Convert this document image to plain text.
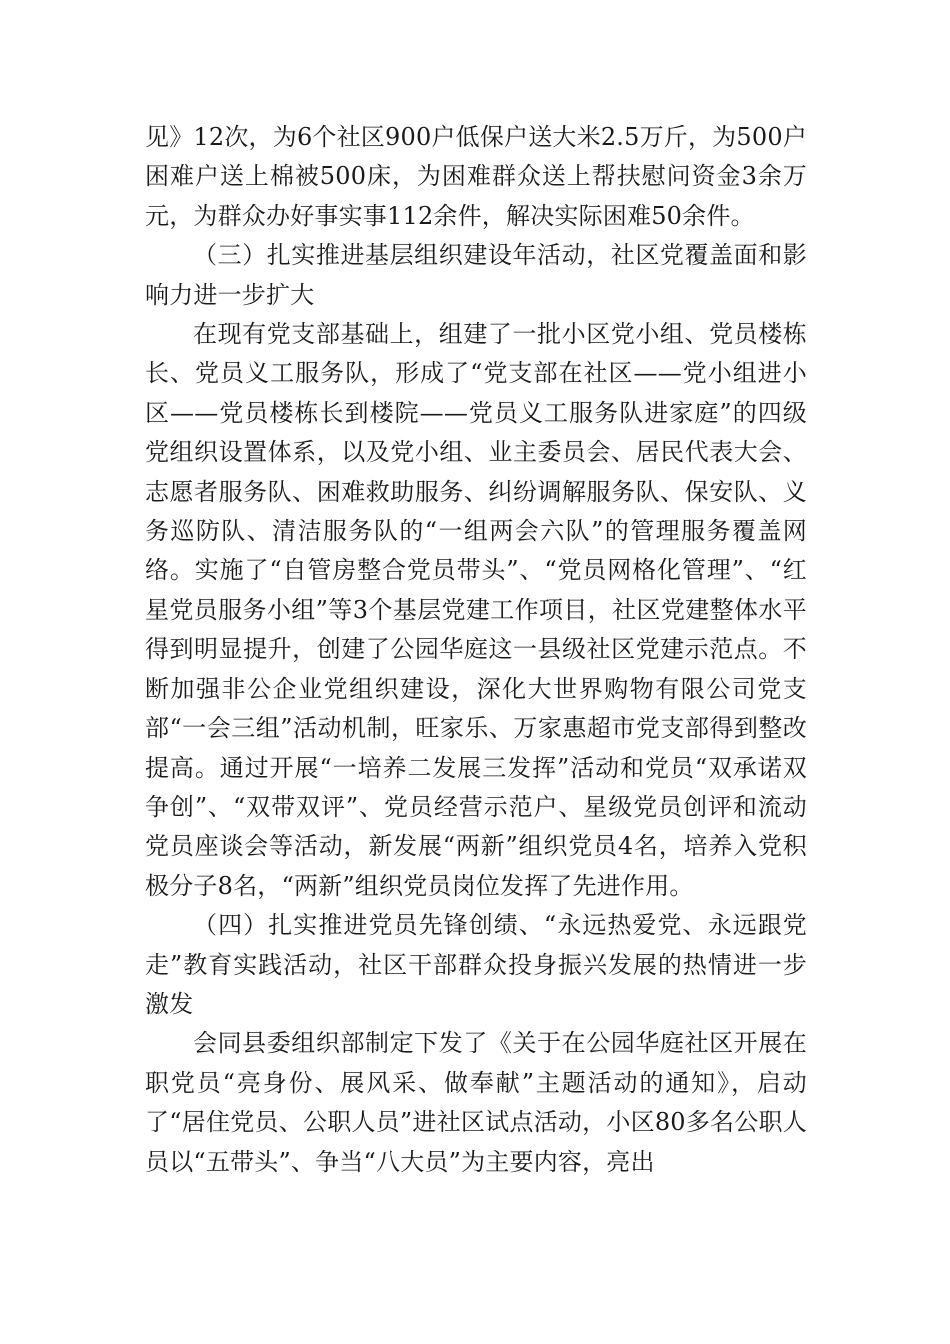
见》12次，为6个社区900户低保户送大米2.5万斤，为500户困难户送上棉被500床，为困难群众送上帮扶慰问资金3余万元，为群众办好事实事112余件，解决实际困难50余件。

（三）扎实推进基层组织建设年活动，社区党覆盖面和影响力进一步扩大

在现有党支部基础上，组建了一批小区党小组、党员楼栋长、党员义工服务队，形成了“党支部在社区——党小组进小区——党员楼栋长到楼院——党员义工服务队进家庭”的四级党组织设置体系，以及党小组、业主委员会、居民代表大会、志愿者服务队、困难救助服务、纠纷调解服务队、保安队、义务巡防队、清洁服务队的“一组两会六队”的管理服务覆盖网络。实施了“自管房整合党员带头”、“党员网格化管理”、“红星党员服务小组”等3个基层党建工作项目，社区党建整体水平得到明显提升，创建了公园华庭这一县级社区党建示范点。不断加强非公企业党组织建设，深化大世界购物有限公司党支部“一会三组”活动机制，旺家乐、万家惠超市党支部得到整改提高。通过开展“一培养二发展三发挥”活动和党员“双承诺双争创”、“双带双评”、党员经营示范户、星级党员创评和流动党员座谈会等活动，新发展“两新”组织党员4名，培养入党积极分子8名，“两新”组织党员岗位发挥了先进作用。

（四）扎实推进党员先锋创绩、“永远热爱党、永远跟党走”教育实践活动，社区干部群众投身振兴发展的热情进一步激发

会同县委组织部制定下发了《关于在公园华庭社区开展在职党员“亮身份、展风采、做奉献”主题活动的通知》，启动了“居住党员、公职人员”进社区试点活动，小区80多名公职人员以“五带头”、争当“八大员”为主要内容，亮出
